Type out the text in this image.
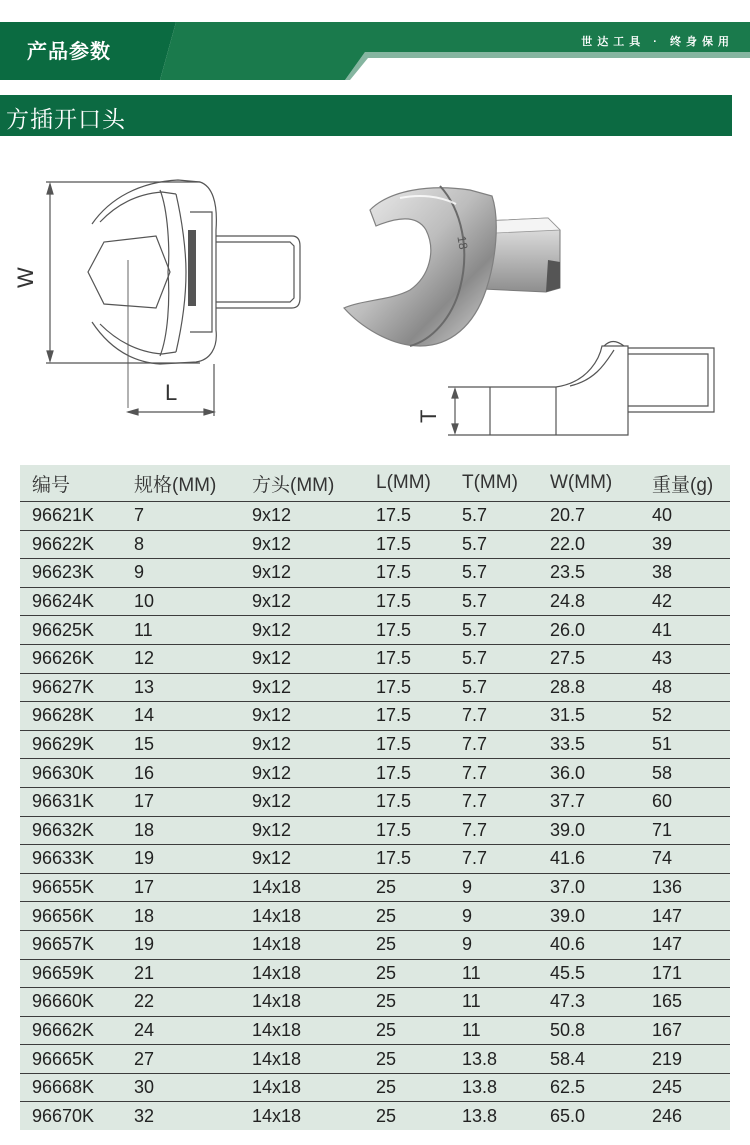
产品参数	世达工具 · 终身保用
方插开口头
W
L
18
T
编号	规格(MM)	方头(MM)	L(MM)	T(MM)	W(MM)	重量(g)
96621K	7	9x12	17.5	5.7	20.7	40
96622K	8	9x12	17.5	5.7	22.0	39
96623K	9	9x12	17.5	5.7	23.5	38
96624K	10	9x12	17.5	5.7	24.8	42
96625K	11	9x12	17.5	5.7	26.0	41
96626K	12	9x12	17.5	5.7	27.5	43
96627K	13	9x12	17.5	5.7	28.8	48
96628K	14	9x12	17.5	7.7	31.5	52
96629K	15	9x12	17.5	7.7	33.5	51
96630K	16	9x12	17.5	7.7	36.0	58
96631K	17	9x12	17.5	7.7	37.7	60
96632K	18	9x12	17.5	7.7	39.0	71
96633K	19	9x12	17.5	7.7	41.6	74
96655K	17	14x18	25	9	37.0	136
96656K	18	14x18	25	9	39.0	147
96657K	19	14x18	25	9	40.6	147
96659K	21	14x18	25	11	45.5	171
96660K	22	14x18	25	11	47.3	165
96662K	24	14x18	25	11	50.8	167
96665K	27	14x18	25	13.8	58.4	219
96668K	30	14x18	25	13.8	62.5	245
96670K	32	14x18	25	13.8	65.0	246
